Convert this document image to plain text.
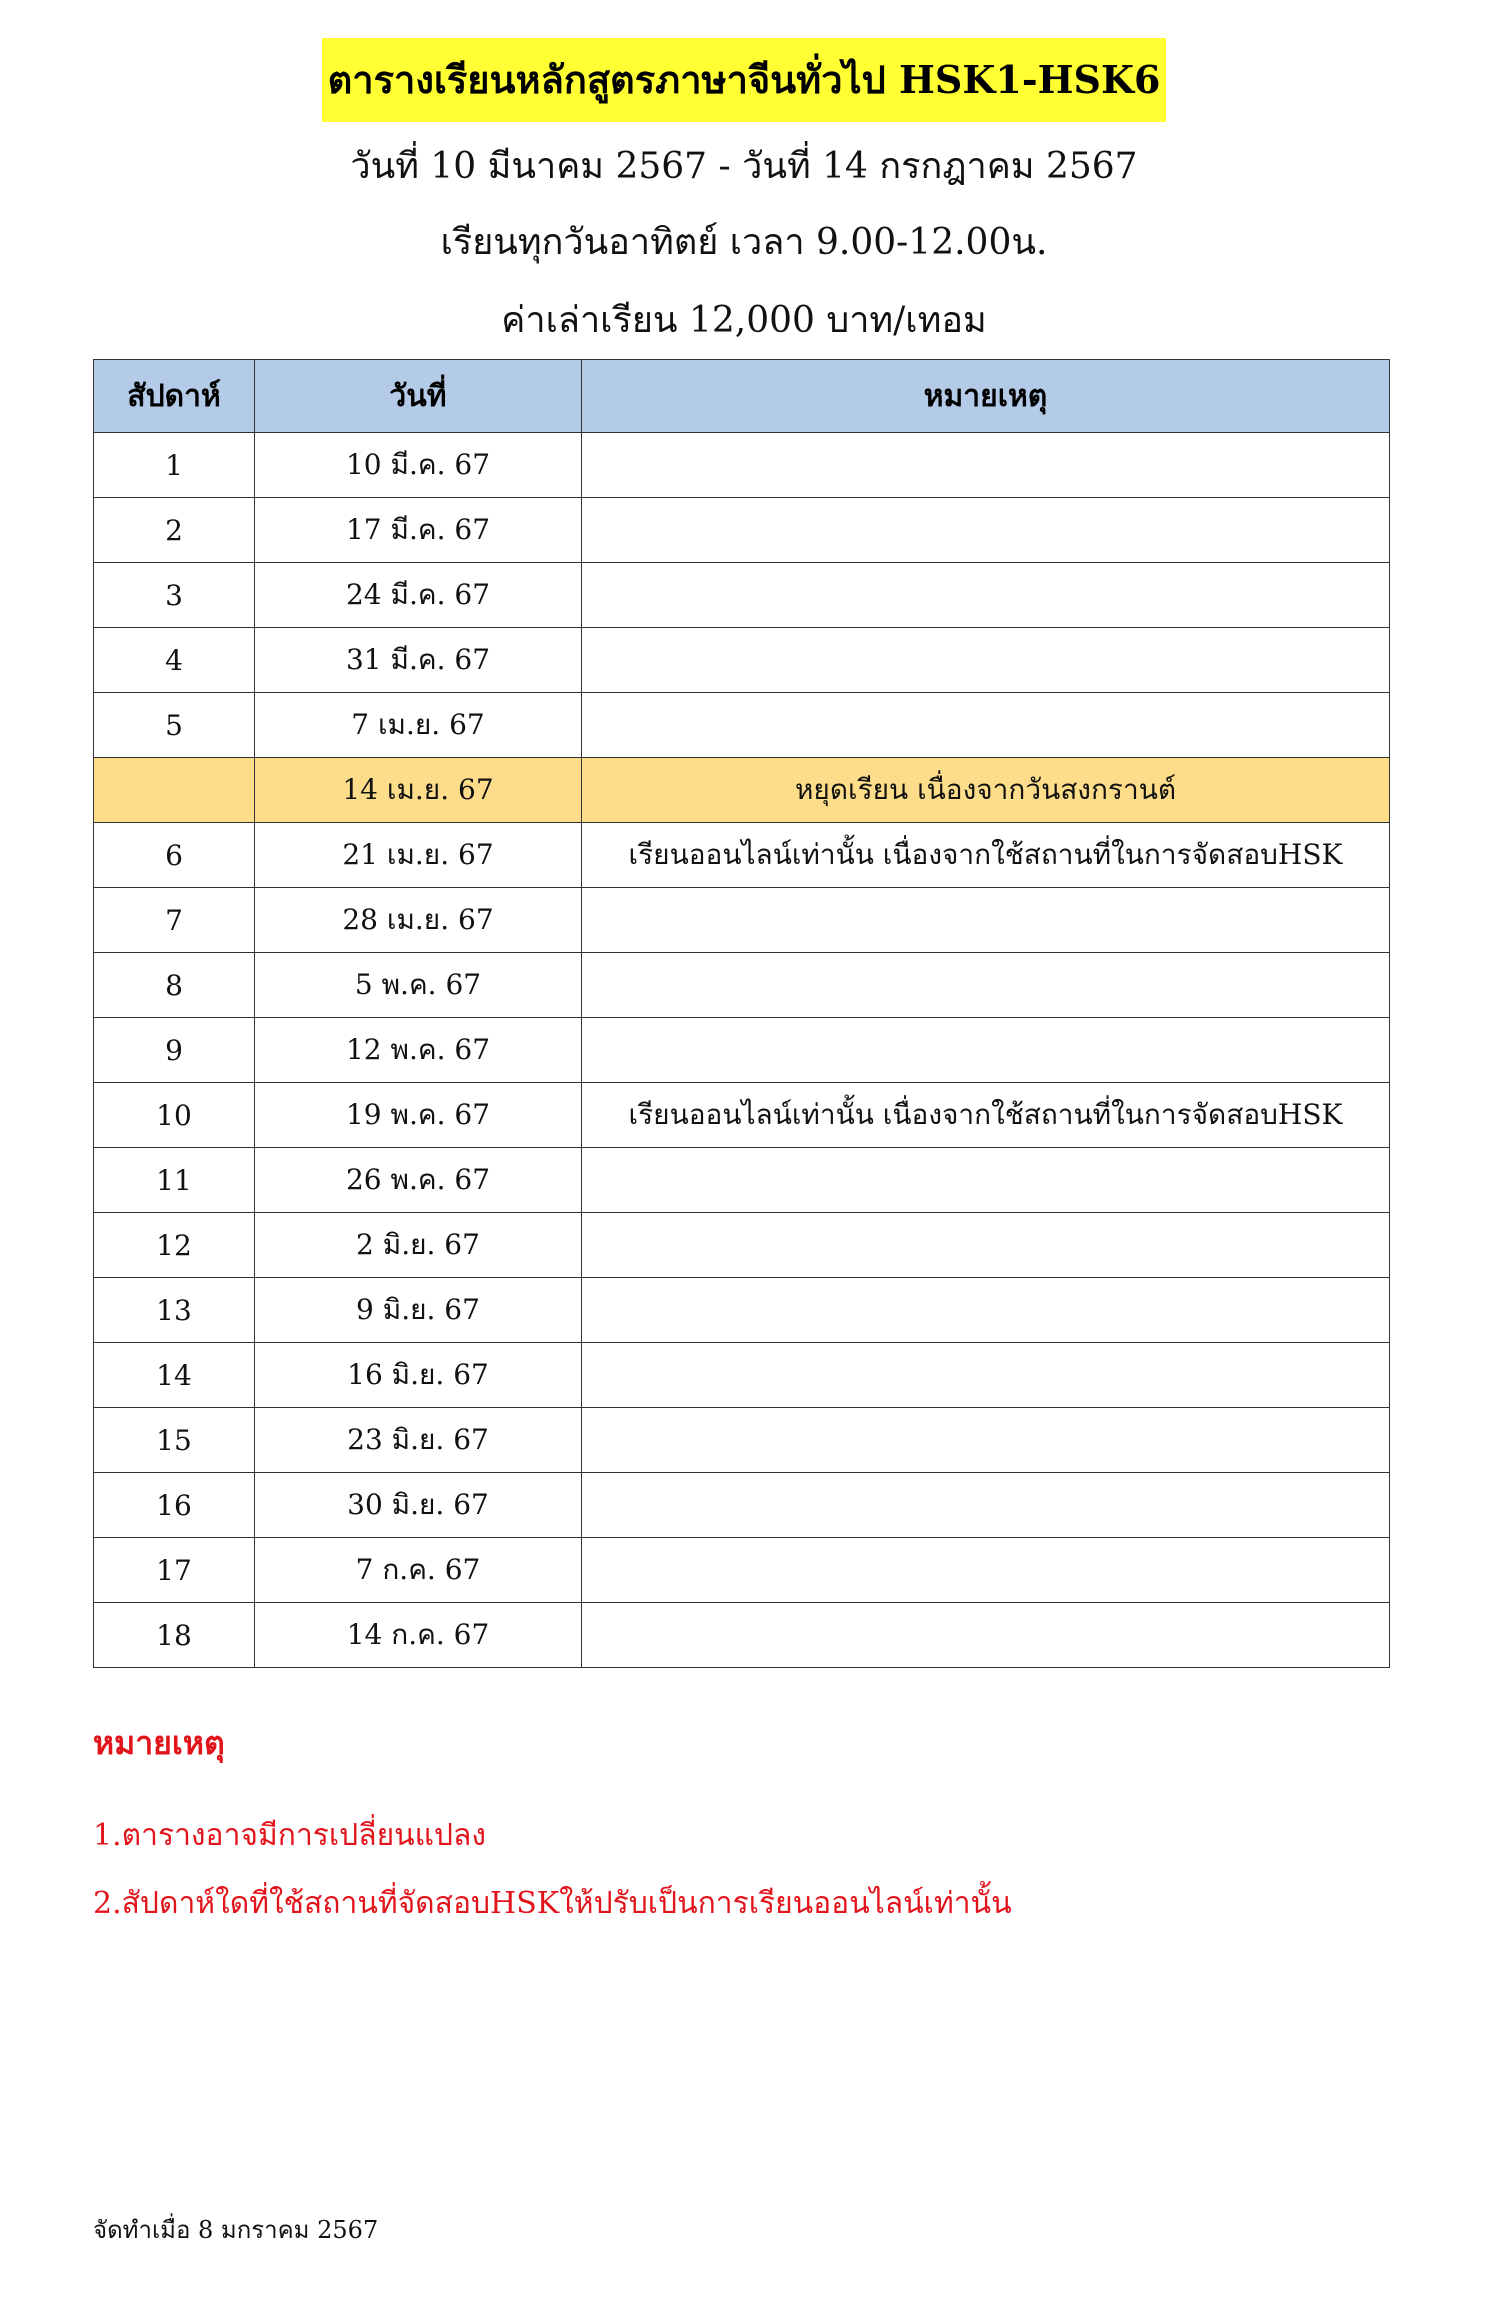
ตารางเรียนหลักสูตรภาษาจีนทั่วไป HSK1-HSK6
วันที่ 10 มีนาคม 2567 - วันที่ 14 กรกฎาคม 2567
เรียนทุกวันอาทิตย์ เวลา 9.00-12.00น.
ค่าเล่าเรียน 12,000 บาท/เทอม
สัปดาห์	วันที่	หมายเหตุ
1	10 มี.ค. 67	
2	17 มี.ค. 67	
3	24 มี.ค. 67	
4	31 มี.ค. 67	
5	7 เม.ย. 67	
	14 เม.ย. 67	หยุดเรียน เนื่องจากวันสงกรานต์
6	21 เม.ย. 67	เรียนออนไลน์เท่านั้น เนื่องจากใช้สถานที่ในการจัดสอบHSK
7	28 เม.ย. 67	
8	5 พ.ค. 67	
9	12 พ.ค. 67	
10	19 พ.ค. 67	เรียนออนไลน์เท่านั้น เนื่องจากใช้สถานที่ในการจัดสอบHSK
11	26 พ.ค. 67	
12	2 มิ.ย. 67	
13	9 มิ.ย. 67	
14	16 มิ.ย. 67	
15	23 มิ.ย. 67	
16	30 มิ.ย. 67	
17	7 ก.ค. 67	
18	14 ก.ค. 67	
หมายเหตุ
1.ตารางอาจมีการเปลี่ยนแปลง
2.สัปดาห์ใดที่ใช้สถานที่จัดสอบHSKให้ปรับเป็นการเรียนออนไลน์เท่านั้น
จัดทำเมื่อ 8 มกราคม 2567
